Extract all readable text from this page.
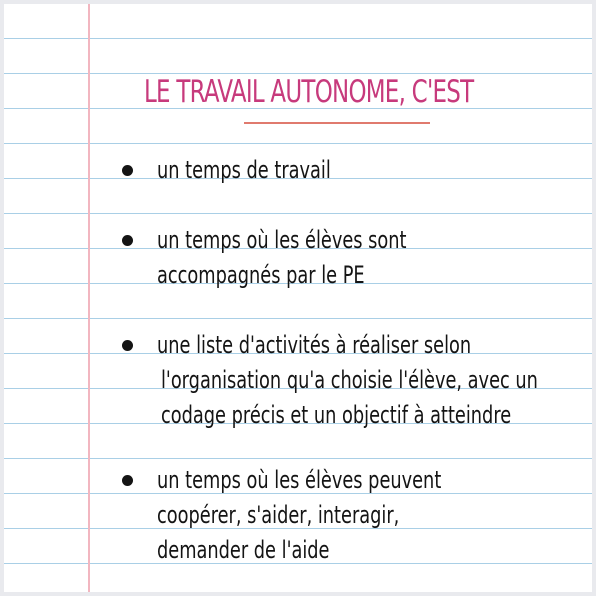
LE TRAVAIL AUTONOME, C'EST
un temps de travail
un temps où les élèves sont
accompagnés par le PE
une liste d'activités à réaliser selon
l'organisation qu'a choisie l'élève, avec un
codage précis et un objectif à atteindre
un temps où les élèves peuvent
coopérer, s'aider, interagir,
demander de l'aide
